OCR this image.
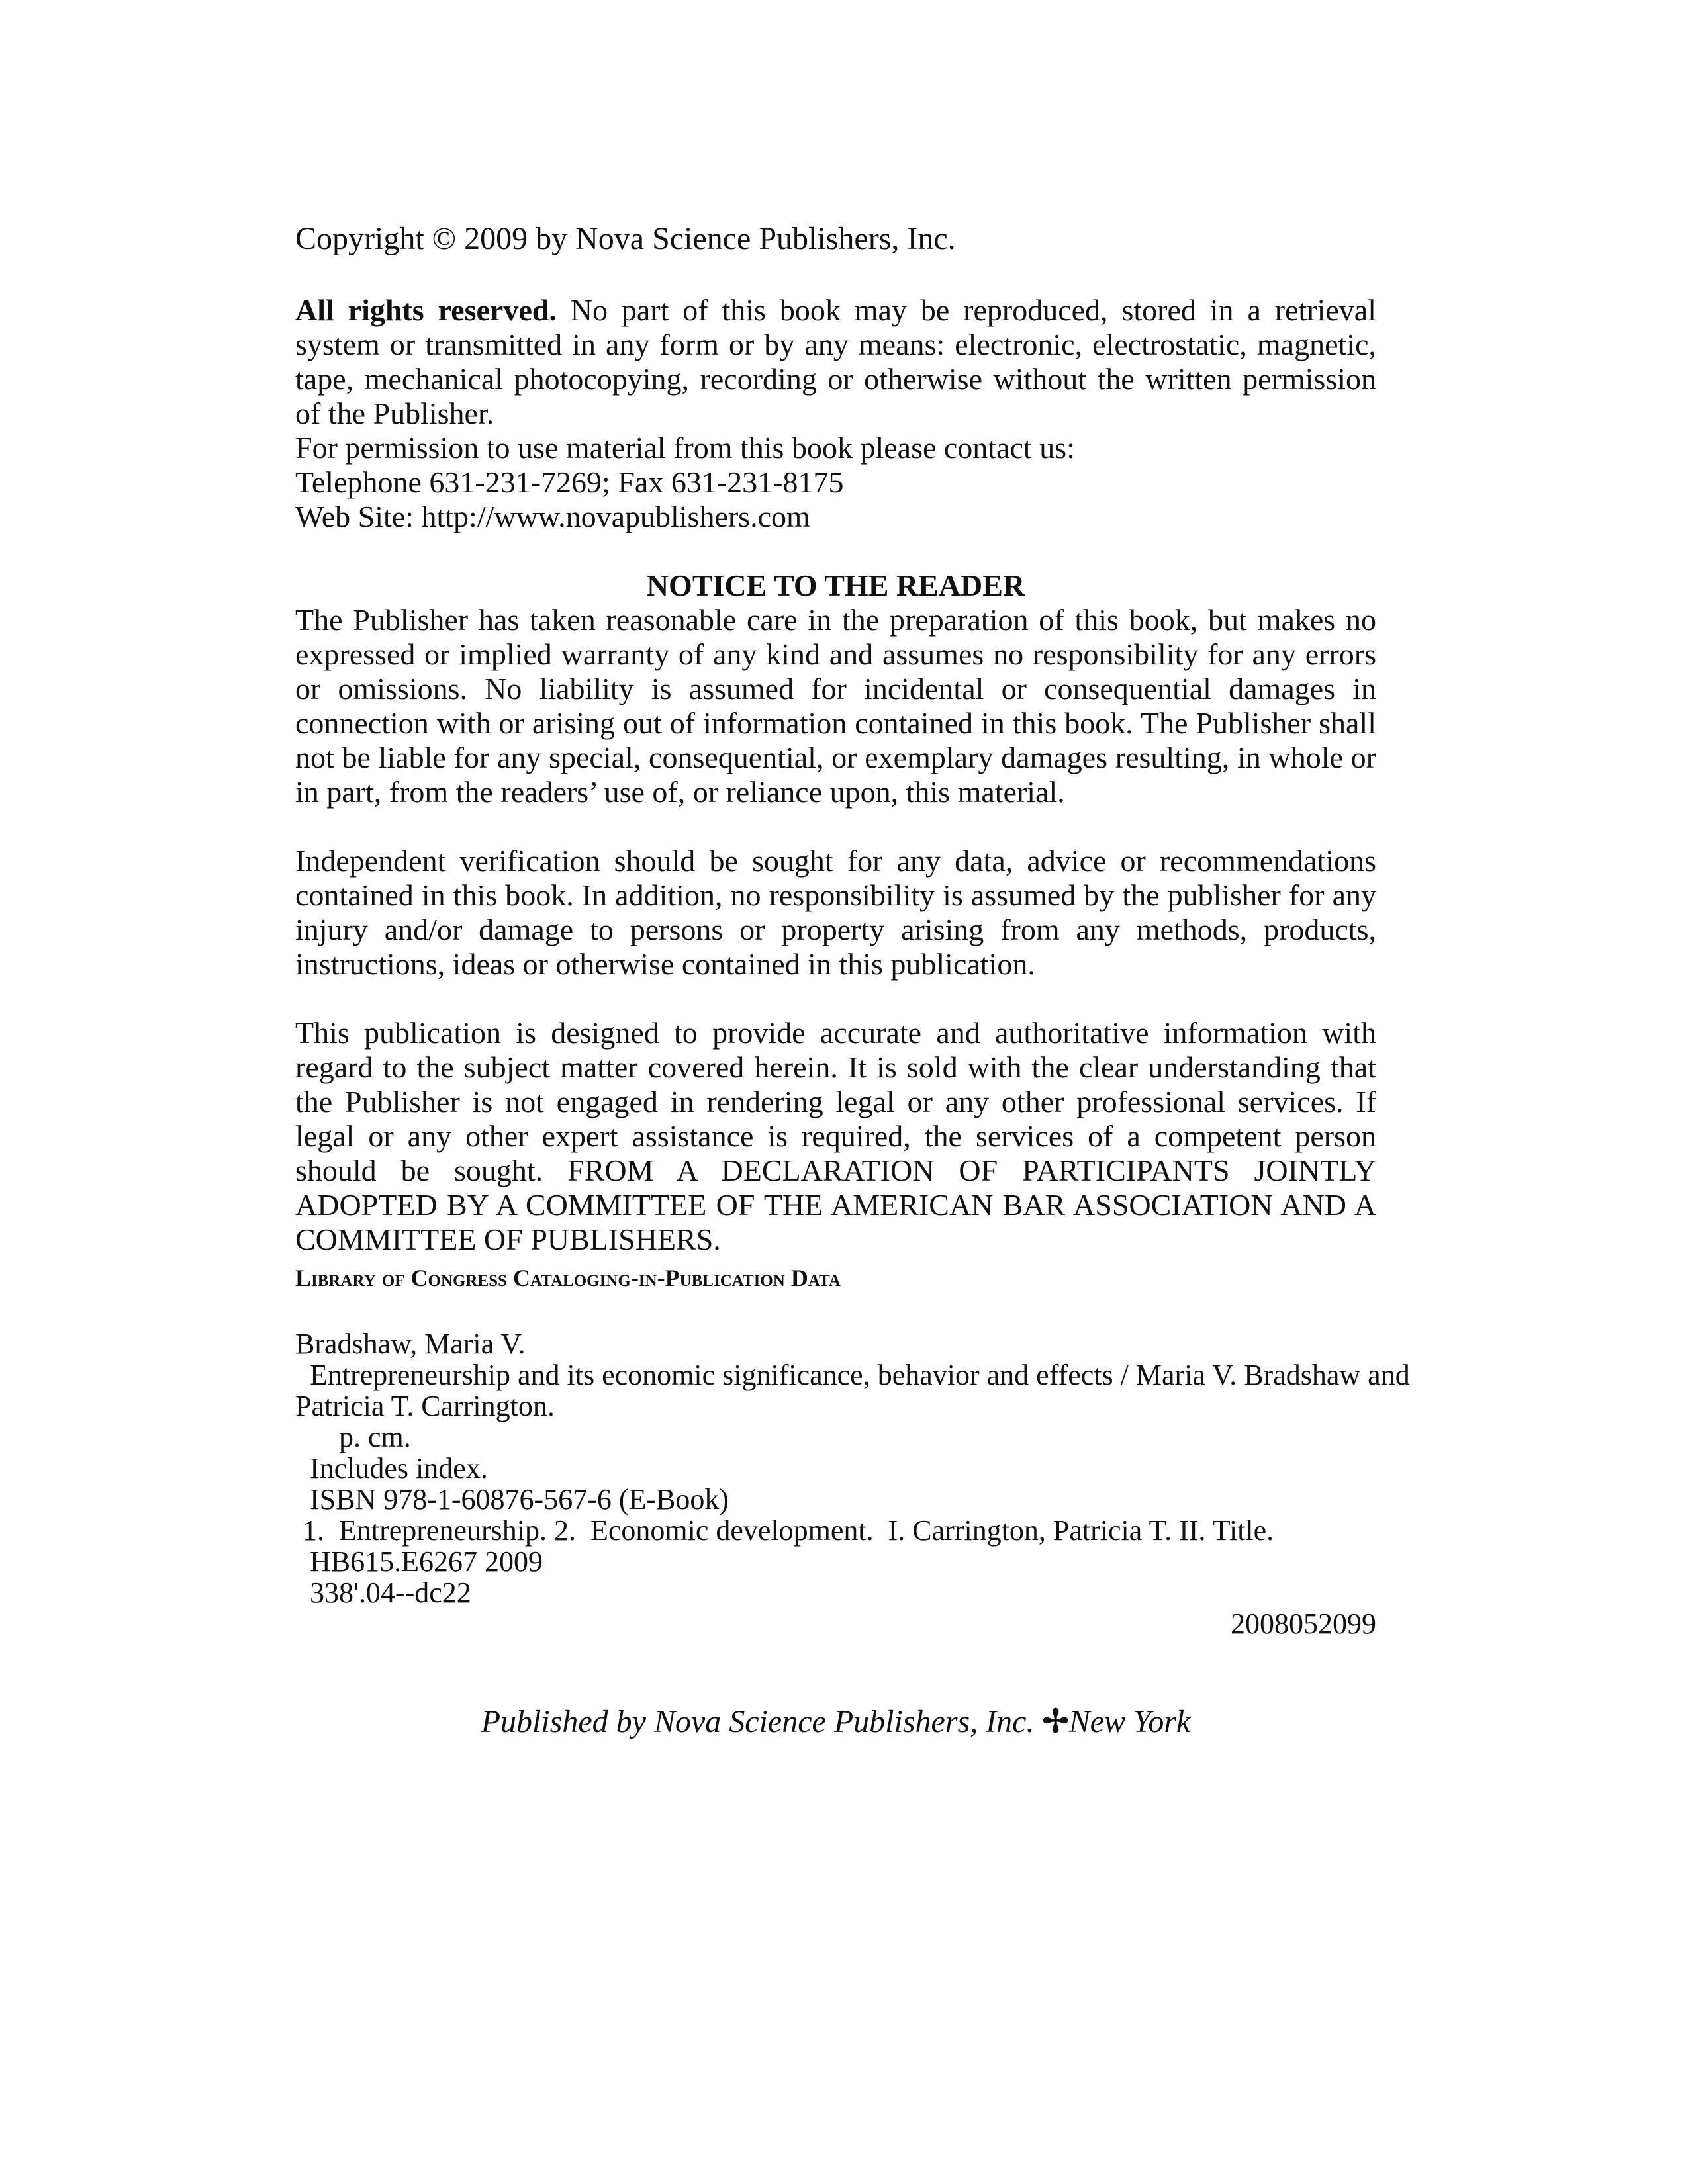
Copyright © 2009 by Nova Science Publishers, Inc.
All rights reserved. No part of this book may be reproduced, stored in a retrieval system or transmitted in any form or by any means: electronic, electrostatic, magnetic, tape, mechanical photocopying, recording or otherwise without the written permission of the Publisher.
For permission to use material from this book please contact us:
Telephone 631-231-7269; Fax 631-231-8175
Web Site: http://www.novapublishers.com
NOTICE TO THE READER
The Publisher has taken reasonable care in the preparation of this book, but makes no expressed or implied warranty of any kind and assumes no responsibility for any errors or omissions. No liability is assumed for incidental or consequential damages in connection with or arising out of information contained in this book. The Publisher shall not be liable for any special, consequential, or exemplary damages resulting, in whole or in part, from the readers’ use of, or reliance upon, this material.
Independent verification should be sought for any data, advice or recommendations contained in this book. In addition, no responsibility is assumed by the publisher for any injury and/or damage to persons or property arising from any methods, products, instructions, ideas or otherwise contained in this publication.
This publication is designed to provide accurate and authoritative information with regard to the subject matter covered herein. It is sold with the clear understanding that the Publisher is not engaged in rendering legal or any other professional services. If legal or any other expert assistance is required, the services of a competent person should be sought. FROM A DECLARATION OF PARTICIPANTS JOINTLY ADOPTED BY A COMMITTEE OF THE AMERICAN BAR ASSOCIATION AND A COMMITTEE OF PUBLISHERS.
Library of Congress Cataloging-in-Publication Data
Bradshaw, Maria V.
Entrepreneurship and its economic significance, behavior and effects / Maria V. Bradshaw and
Patricia T. Carrington.
p. cm.
Includes index.
ISBN 978-1-60876-567-6 (E-Book)
1.  Entrepreneurship. 2.  Economic development.  I. Carrington, Patricia T. II. Title.
HB615.E6267 2009
338'.04--dc22
2008052099
Published by Nova Science Publishers, Inc. ✢New York
